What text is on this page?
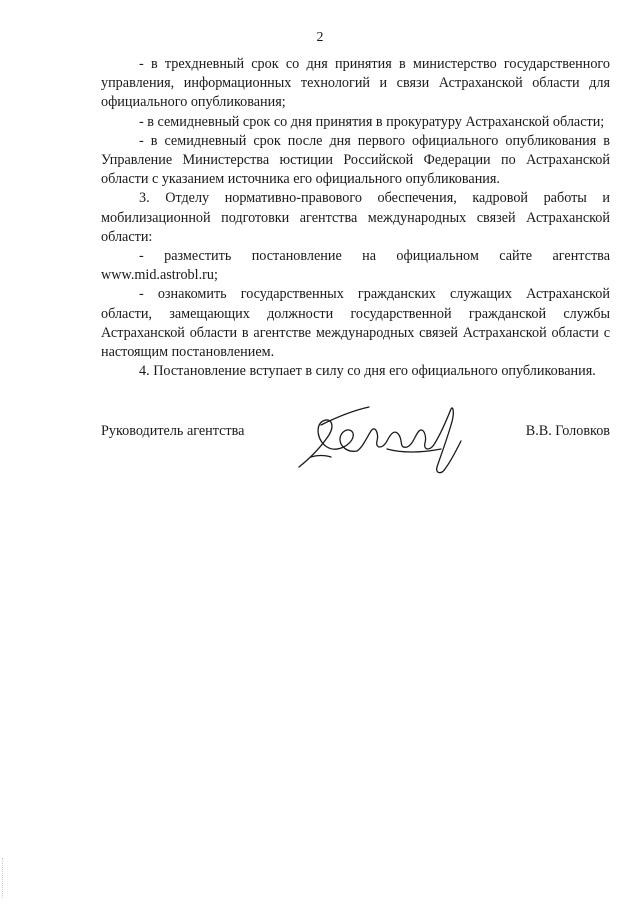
2

- в трехдневный срок со дня принятия в министерство государственного управления, информационных технологий и связи Астраханской области для официального опубликования;

- в семидневный срок со дня принятия в прокуратуру Астраханской области;

- в семидневный срок после дня первого официального опубликования в Управление Министерства юстиции Российской Федерации по Астраханской области с указанием источника его официального опубликования.

3. Отделу нормативно-правового обеспечения, кадровой работы и мобилизационной подготовки агентства международных связей Астраханской области:

- разместить постановление на официальном сайте агентства www.mid.astrobl.ru;

- ознакомить государственных гражданских служащих Астраханской области, замещающих должности государственной гражданской службы Астраханской области в агентстве международных связей Астраханской области с настоящим постановлением.

4. Постановление вступает в силу со дня его официального опубликования.

Руководитель агентства	В.В. Головков
